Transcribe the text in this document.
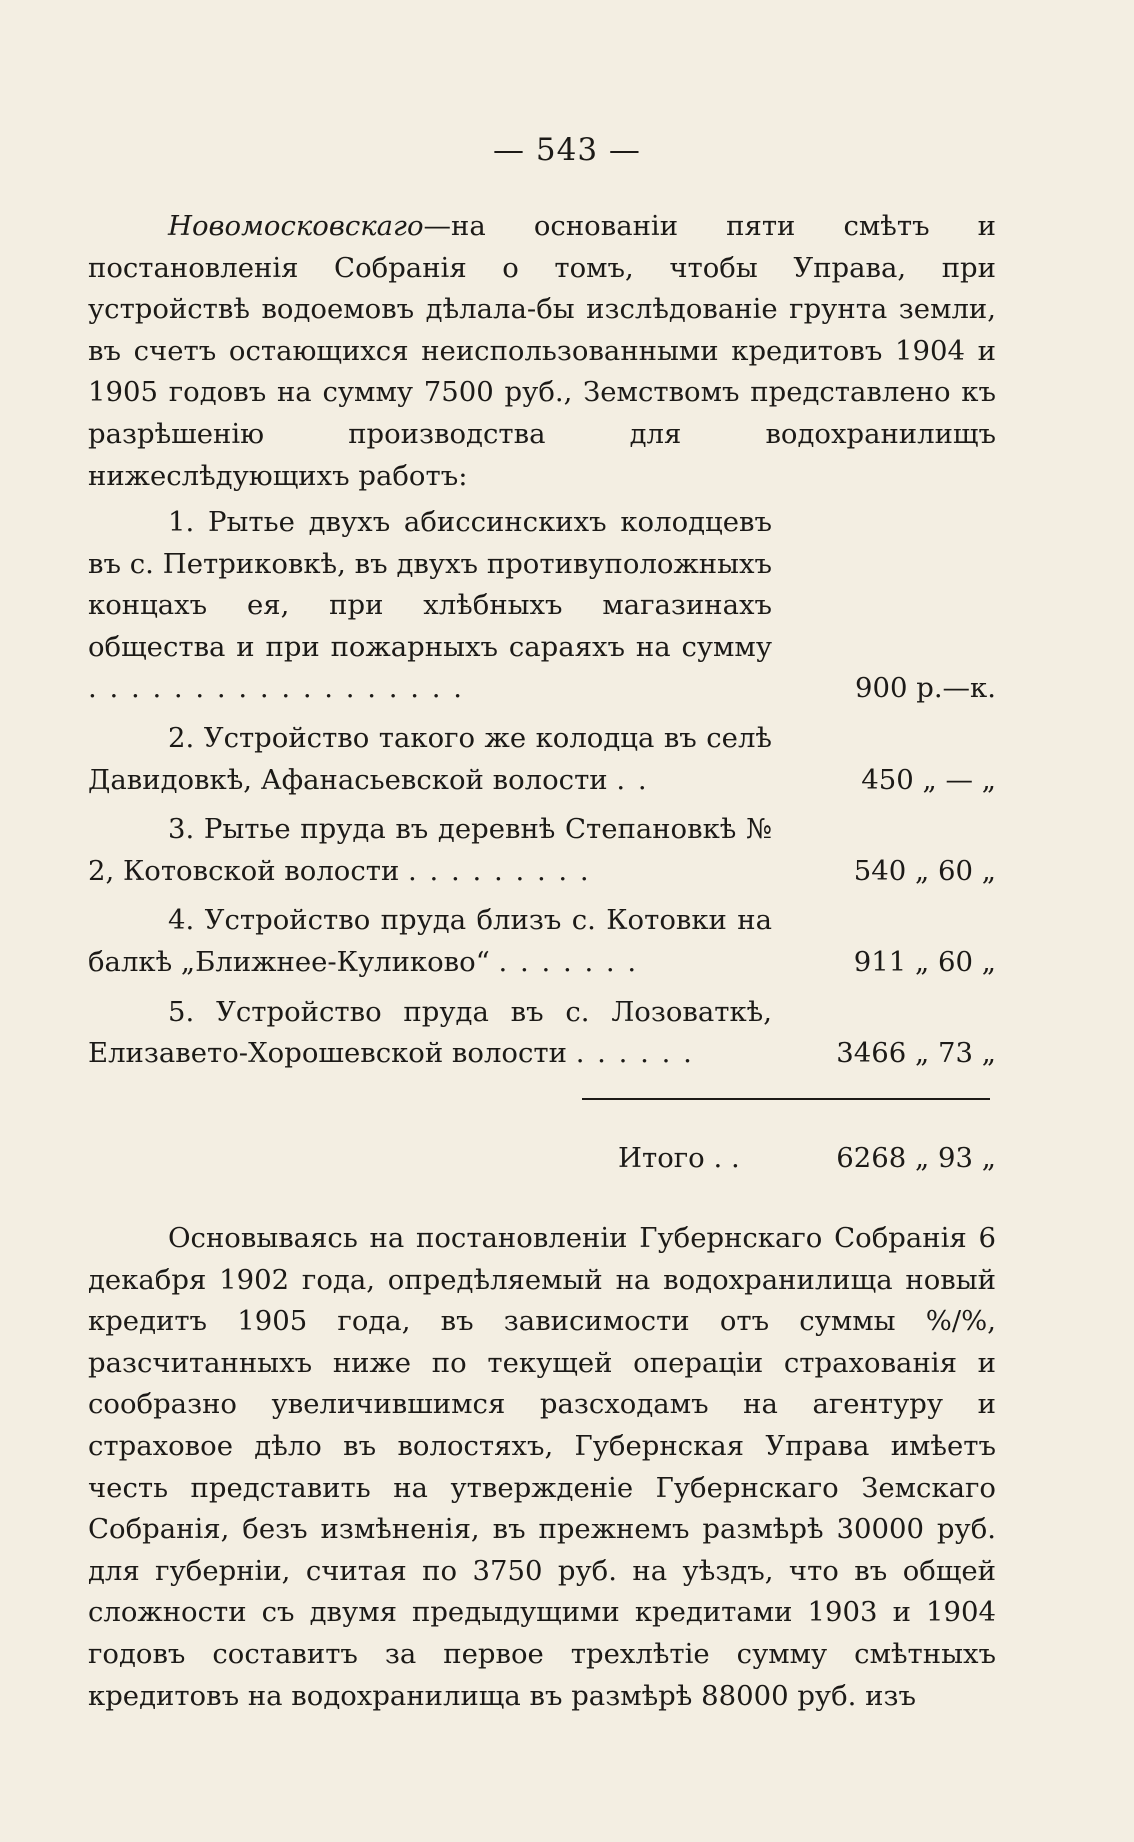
— 543 —

Новомосковскаго—на основаніи пяти смѣтъ и постановленія Собранія о томъ, чтобы Управа, при устройствѣ водоемовъ дѣлала-бы изслѣдованіе грунта земли, въ счетъ остающихся неиспользованными кредитовъ 1904 и 1905 годовъ на сумму 7500 руб., Земствомъ представлено къ разрѣшенію производства для водохранилищъ нижеслѣдующихъ работъ:

1. Рытье двухъ абиссинскихъ колодцевъ въ с. Петриковкѣ, въ двухъ противуположныхъ концахъ ея, при хлѣбныхъ магазинахъ общества и при пожарныхъ сараяхъ на сумму . . . . . . . . . . . . . . . . . .	900 р.—к.
2. Устройство такого же колодца въ селѣ Давидовкѣ, Афанасьевской волости . .	450 „ — „
3. Рытье пруда въ деревнѣ Степановкѣ № 2, Котовской волости . . . . . . . . .	540 „ 60 „
4. Устройство пруда близъ с. Котовки на балкѣ „Ближнее-Куликово“ . . . . . . .	911 „ 60 „
5. Устройство пруда въ с. Лозоваткѣ, Елизавето-Хорошевской волости . . . . . .	3466 „ 73 „
Итого . .	6268 „ 93 „

Основываясь на постановленіи Губернскаго Собранія 6 декабря 1902 года, опредѣляемый на водохранилища новый кредитъ 1905 года, въ зависимости отъ суммы %/%, разсчитанныхъ ниже по текущей операціи страхованія и сообразно увеличившимся разсходамъ на агентуру и страховое дѣло въ волостяхъ, Губернская Управа имѣетъ честь представить на утвержденіе Губернскаго Земскаго Собранія, безъ измѣненія, въ прежнемъ размѣрѣ 30000 руб. для губерніи, считая по 3750 руб. на уѣздъ, что въ общей сложности съ двумя предыдущими кредитами 1903 и 1904 годовъ составитъ за первое трехлѣтіе сумму смѣтныхъ кредитовъ на водохранилища въ размѣрѣ 88000 руб. изъ
